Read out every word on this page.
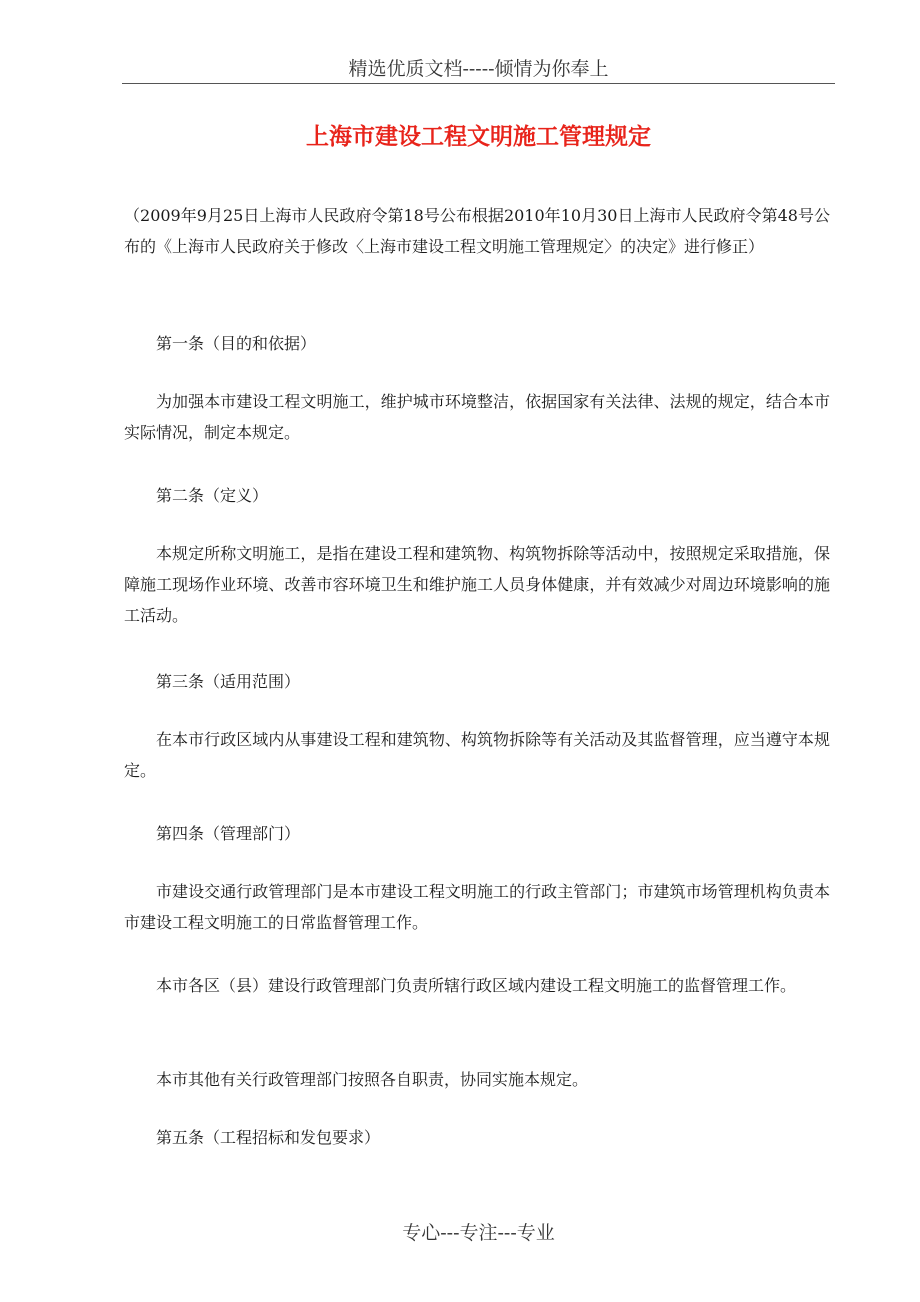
精选优质文档-----倾情为你奉上
上海市建设工程文明施工管理规定
（2009年9月25日上海市人民政府令第18号公布根据2010年10月30日上海市人民政府令第48号公布的《上海市人民政府关于修改〈上海市建设工程文明施工管理规定〉的决定》进行修正）
第一条（目的和依据）
为加强本市建设工程文明施工，维护城市环境整洁，依据国家有关法律、法规的规定，结合本市实际情况，制定本规定。
第二条（定义）
本规定所称文明施工，是指在建设工程和建筑物、构筑物拆除等活动中，按照规定采取措施，保障施工现场作业环境、改善市容环境卫生和维护施工人员身体健康，并有效减少对周边环境影响的施工活动。
第三条（适用范围）
在本市行政区域内从事建设工程和建筑物、构筑物拆除等有关活动及其监督管理，应当遵守本规定。
第四条（管理部门）
市建设交通行政管理部门是本市建设工程文明施工的行政主管部门；市建筑市场管理机构负责本市建设工程文明施工的日常监督管理工作。
本市各区（县）建设行政管理部门负责所辖行政区域内建设工程文明施工的监督管理工作。
本市其他有关行政管理部门按照各自职责，协同实施本规定。
第五条（工程招标和发包要求）
专心---专注---专业
